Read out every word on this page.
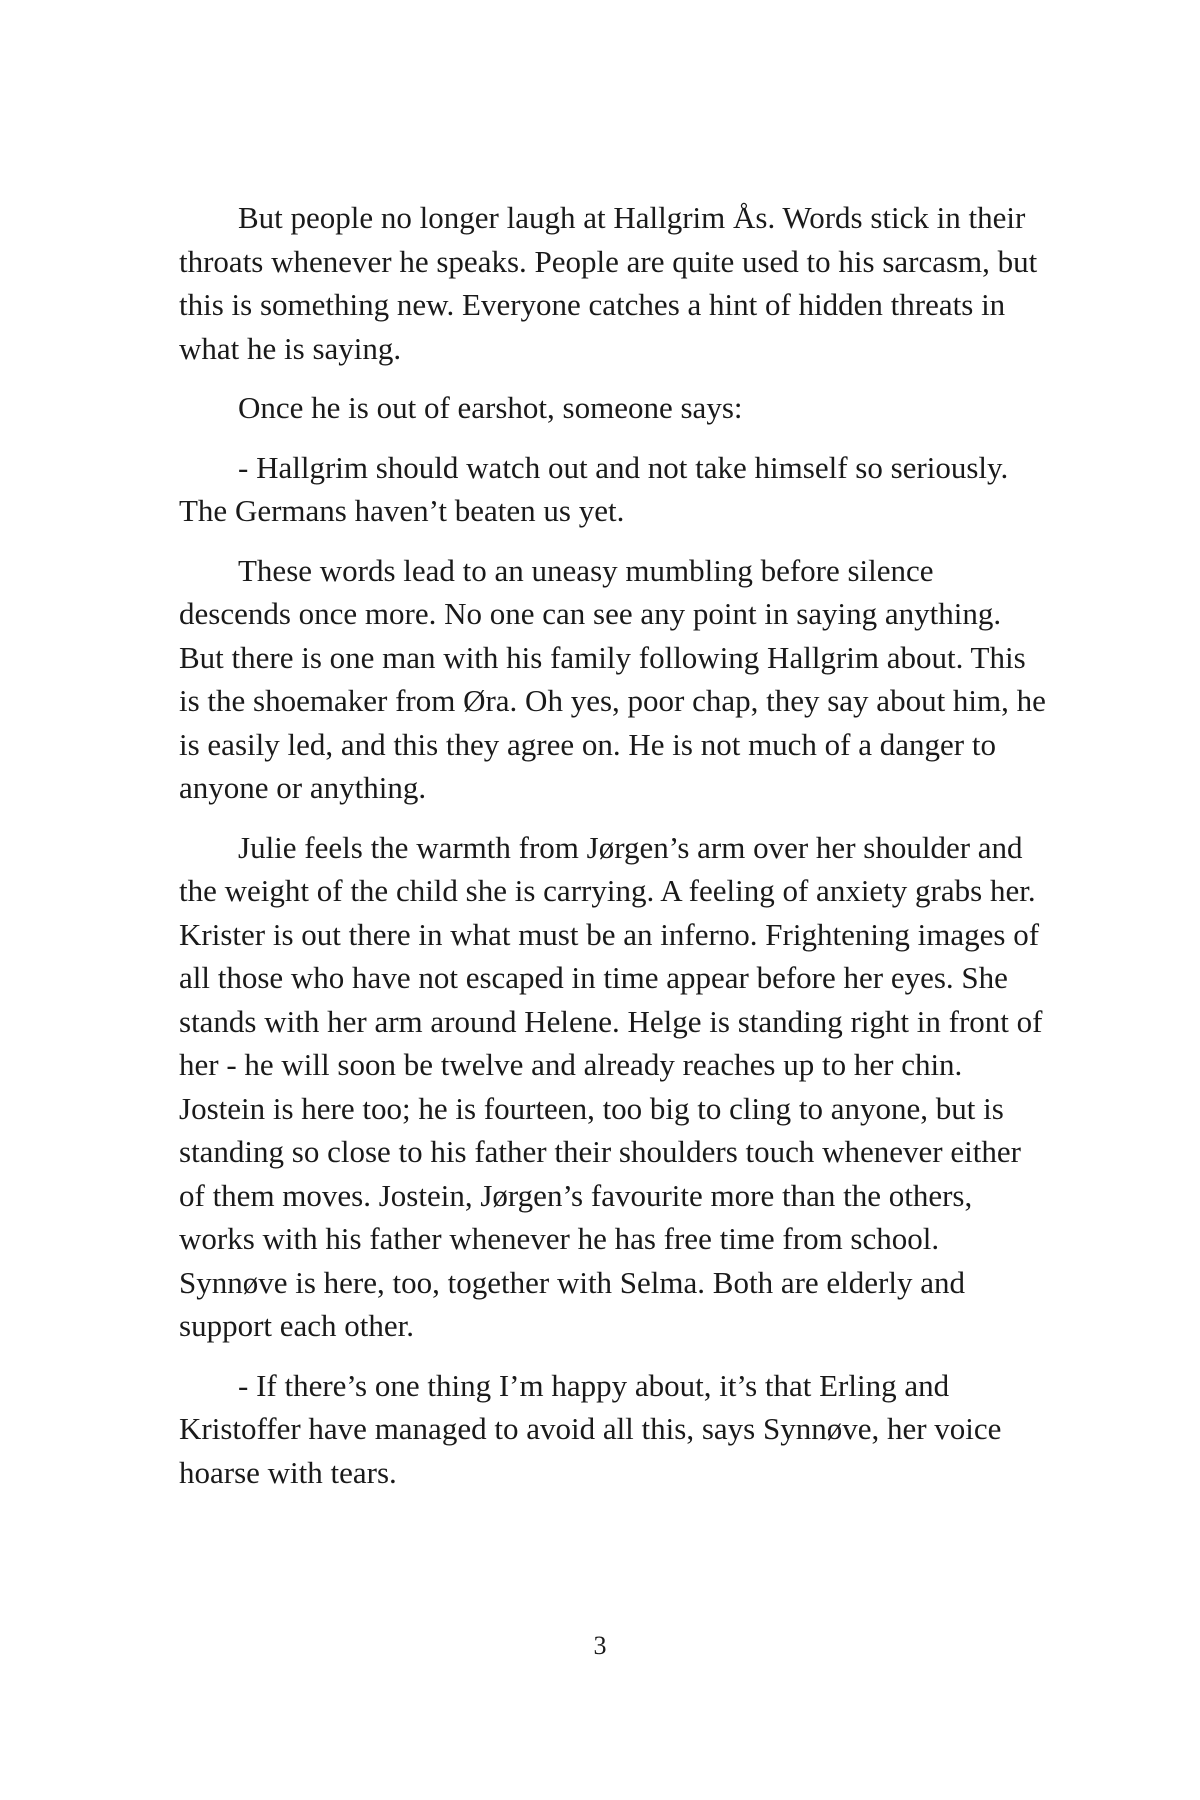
But people no longer laugh at Hallgrim Ås. Words stick in their throats whenever he speaks. People are quite used to his sarcasm, but this is something new. Everyone catches a hint of hidden threats in what he is saying.

Once he is out of earshot, someone says:

- Hallgrim should watch out and not take himself so seriously. The Germans haven’t beaten us yet.

These words lead to an uneasy mumbling before silence descends once more. No one can see any point in saying anything. But there is one man with his family following Hallgrim about. This is the shoemaker from Øra. Oh yes, poor chap, they say about him, he is easily led, and this they agree on. He is not much of a danger to anyone or anything.

Julie feels the warmth from Jørgen’s arm over her shoulder and the weight of the child she is carrying. A feeling of anxiety grabs her. Krister is out there in what must be an inferno. Frightening images of all those who have not escaped in time appear before her eyes. She stands with her arm around Helene. Helge is standing right in front of her - he will soon be twelve and already reaches up to her chin. Jostein is here too; he is fourteen, too big to cling to anyone, but is standing so close to his father their shoulders touch whenever either of them moves. Jostein, Jørgen’s favourite more than the others, works with his father whenever he has free time from school. Synnøve is here, too, together with Selma. Both are elderly and support each other.

- If there’s one thing I’m happy about, it’s that Erling and Kristoffer have managed to avoid all this, says Synnøve, her voice hoarse with tears.

3
